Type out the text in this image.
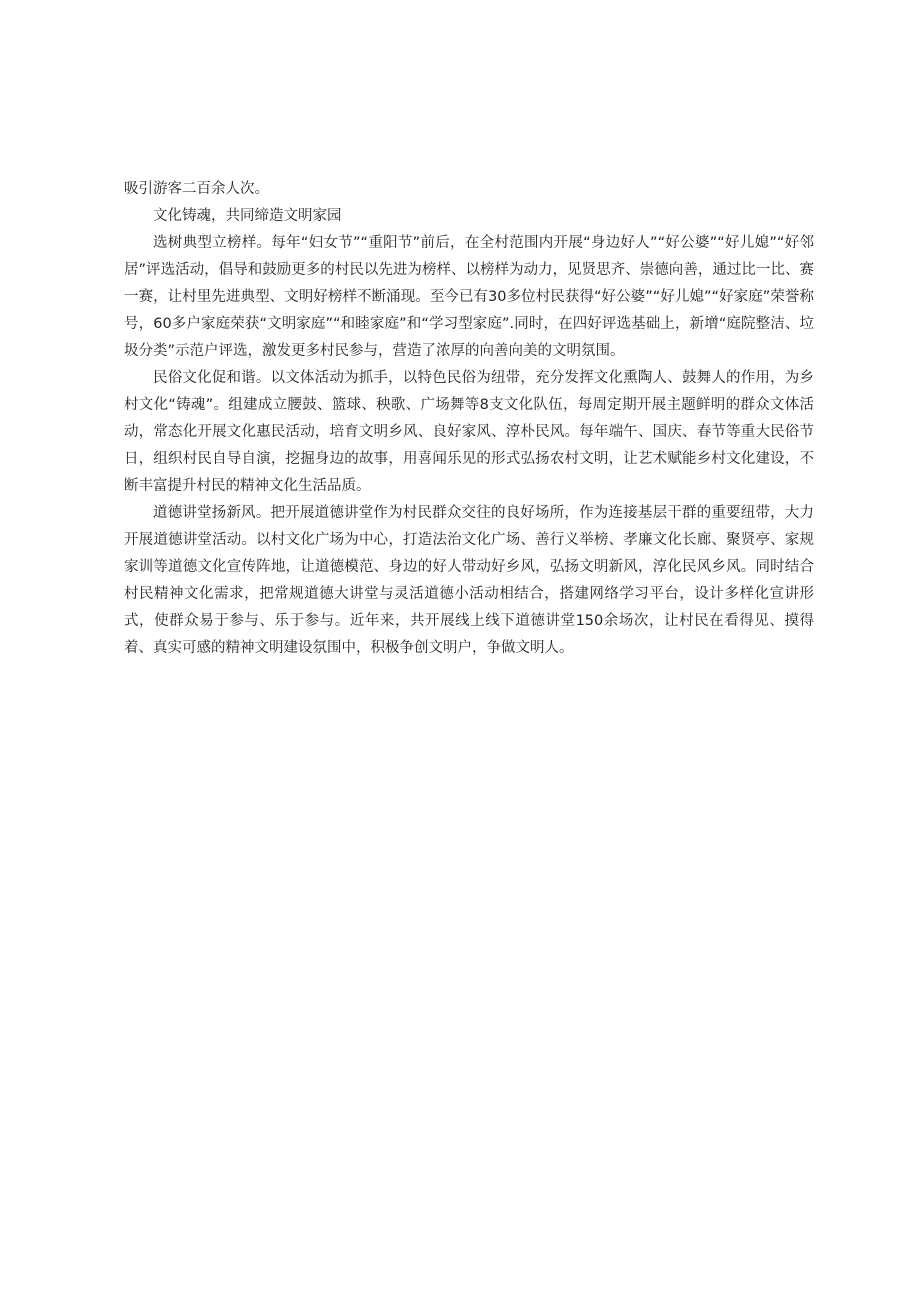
吸引游客二百余人次。

文化铸魂，共同缔造文明家园

选树典型立榜样。每年“妇女节”“重阳节”前后，在全村范围内开展“身边好人”“好公婆”“好儿媳”“好邻居”评选活动，倡导和鼓励更多的村民以先进为榜样、以榜样为动力，见贤思齐、崇德向善，通过比一比、赛一赛，让村里先进典型、文明好榜样不断涌现。至今已有30多位村民获得“好公婆”“好儿媳”“好家庭”荣誉称号，60多户家庭荣获“文明家庭”“和睦家庭”和“学习型家庭”.同时，在四好评选基础上，新增“庭院整洁、垃圾分类”示范户评选，激发更多村民参与，营造了浓厚的向善向美的文明氛围。

民俗文化促和谐。以文体活动为抓手，以特色民俗为纽带，充分发挥文化熏陶人、鼓舞人的作用，为乡村文化“铸魂”。组建成立腰鼓、篮球、秧歌、广场舞等8支文化队伍，每周定期开展主题鲜明的群众文体活动，常态化开展文化惠民活动，培育文明乡风、良好家风、淳朴民风。每年端午、国庆、春节等重大民俗节日，组织村民自导自演，挖掘身边的故事，用喜闻乐见的形式弘扬农村文明，让艺术赋能乡村文化建设，不断丰富提升村民的精神文化生活品质。

道德讲堂扬新风。把开展道德讲堂作为村民群众交往的良好场所，作为连接基层干群的重要纽带，大力开展道德讲堂活动。以村文化广场为中心，打造法治文化广场、善行义举榜、孝廉文化长廊、聚贤亭、家规家训等道德文化宣传阵地，让道德模范、身边的好人带动好乡风，弘扬文明新风，淳化民风乡风。同时结合村民精神文化需求，把常规道德大讲堂与灵活道德小活动相结合，搭建网络学习平台，设计多样化宣讲形式，使群众易于参与、乐于参与。近年来，共开展线上线下道德讲堂150余场次，让村民在看得见、摸得着、真实可感的精神文明建设氛围中，积极争创文明户，争做文明人。
